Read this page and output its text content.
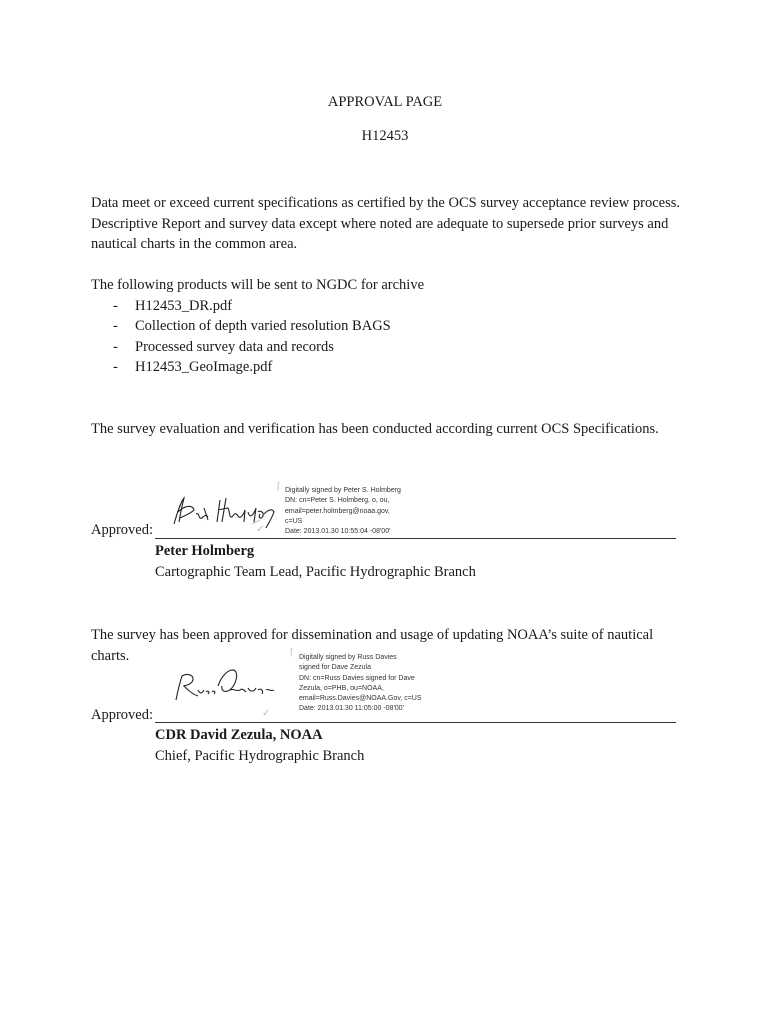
APPROVAL PAGE
H12453
Data meet or exceed current specifications as certified by the OCS survey acceptance review process. Descriptive Report and survey data except where noted are adequate to supersede prior surveys and nautical charts in the common area.
The following products will be sent to NGDC for archive
- H12453_DR.pdf
- Collection of depth varied resolution BAGS
- Processed survey data and records
- H12453_GeoImage.pdf
The survey evaluation and verification has been conducted according current OCS Specifications.
⌈ Digitally signed by Peter S. Holmberg
DN: cn=Peter S. Holmberg, o, ou,
email=peter.holmberg@noaa.gov,
c=US
Date: 2013.01.30 10:55:04 -08'00'
Approved:	✓
Peter Holmberg
Cartographic Team Lead, Pacific Hydrographic Branch
The survey has been approved for dissemination and usage of updating NOAA’s suite of nautical charts.	⌈
Digitally signed by Russ Davies
signed for Dave Zezula
DN: cn=Russ Davies signed for Dave
Zezula, o=PHB, ou=NOAA,
email=Russ.Davies@NOAA.Gov, c=US
Date: 2013.01.30 11:05:00 -08'00'
Approved:	✓
CDR David Zezula, NOAA
Chief, Pacific Hydrographic Branch
